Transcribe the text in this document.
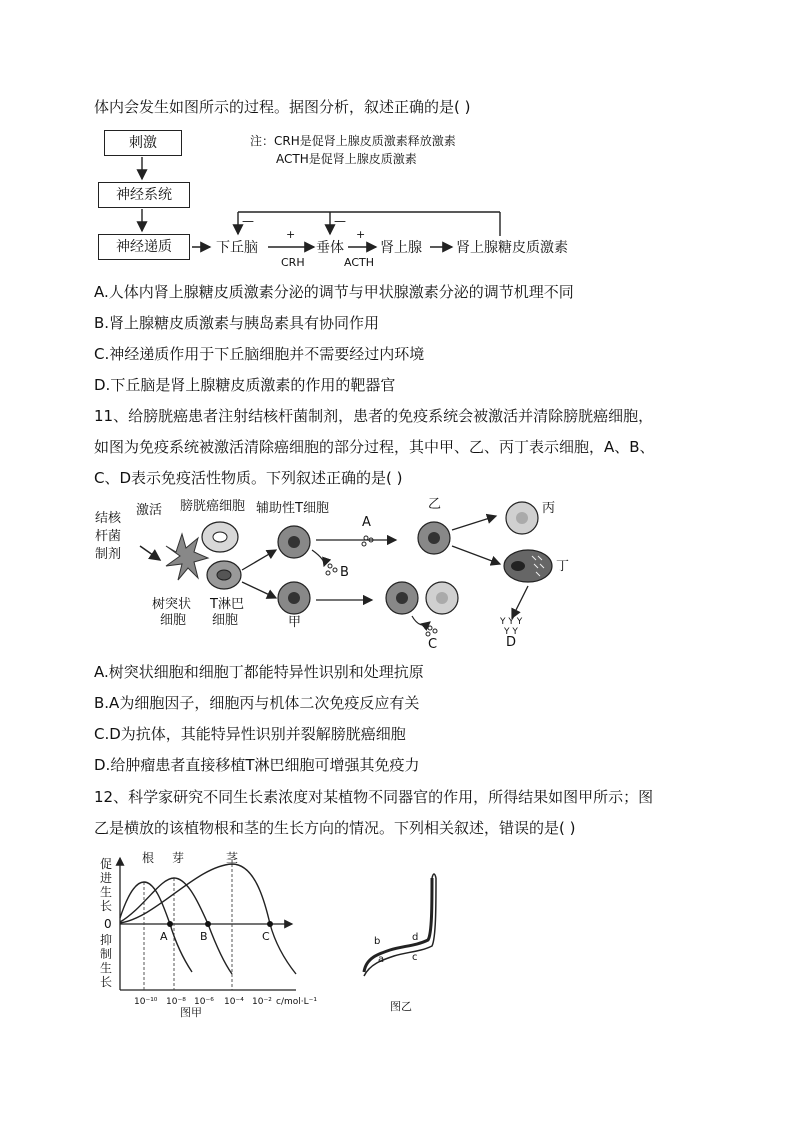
体内会发生如图所示的过程。据图分析，叙述正确的是( )
刺激
神经系统
神经递质	下丘脑	垂体	肾上腺 肾上腺糖皮质激素
+
CRH
+
ACTH
—	—
注：CRH是促肾上腺皮质激素释放激素
ACTH是促肾上腺皮质激素
A.人体内肾上腺糖皮质激素分泌的调节与甲状腺激素分泌的调节机理不同
B.肾上腺糖皮质激素与胰岛素具有协同作用
C.神经递质作用于下丘脑细胞并不需要经过内环境
D.下丘脑是肾上腺糖皮质激素的作用的靶器官
11、给膀胱癌患者注射结核杆菌制剂，患者的免疫系统会被激活并清除膀胱癌细胞，
如图为免疫系统被激活清除癌细胞的部分过程，其中甲、乙、丙丁表示细胞，A、B、
C、D表示免疫活性物质。下列叙述正确的是( )
结核
杆菌
制剂
激活
树突状
细胞
膀胱癌细胞
T淋巴
细胞
辅助性T细胞
甲
B
A
乙	丙
丁
C
Y Y Y
Y Y
D
A.树突状细胞和细胞丁都能特异性识别和处理抗原
B.A为细胞因子，细胞丙与机体二次免疫反应有关
C.D为抗体，其能特异性识别并裂解膀胱癌细胞
D.给肿瘤患者直接移植T淋巴细胞可增强其免疫力
12、科学家研究不同生长素浓度对某植物不同器官的作用，所得结果如图甲所示；图
乙是横放的该植物根和茎的生长方向的情况。下列相关叙述，错误的是( )
促
进
生
长
0
抑
制
生
长
根 芽	茎
A	B	C
10⁻¹⁰ 10⁻⁸ 10⁻⁶ 10⁻⁴ 10⁻² c/mol·L⁻¹
图甲
b
a
d
c
图乙
